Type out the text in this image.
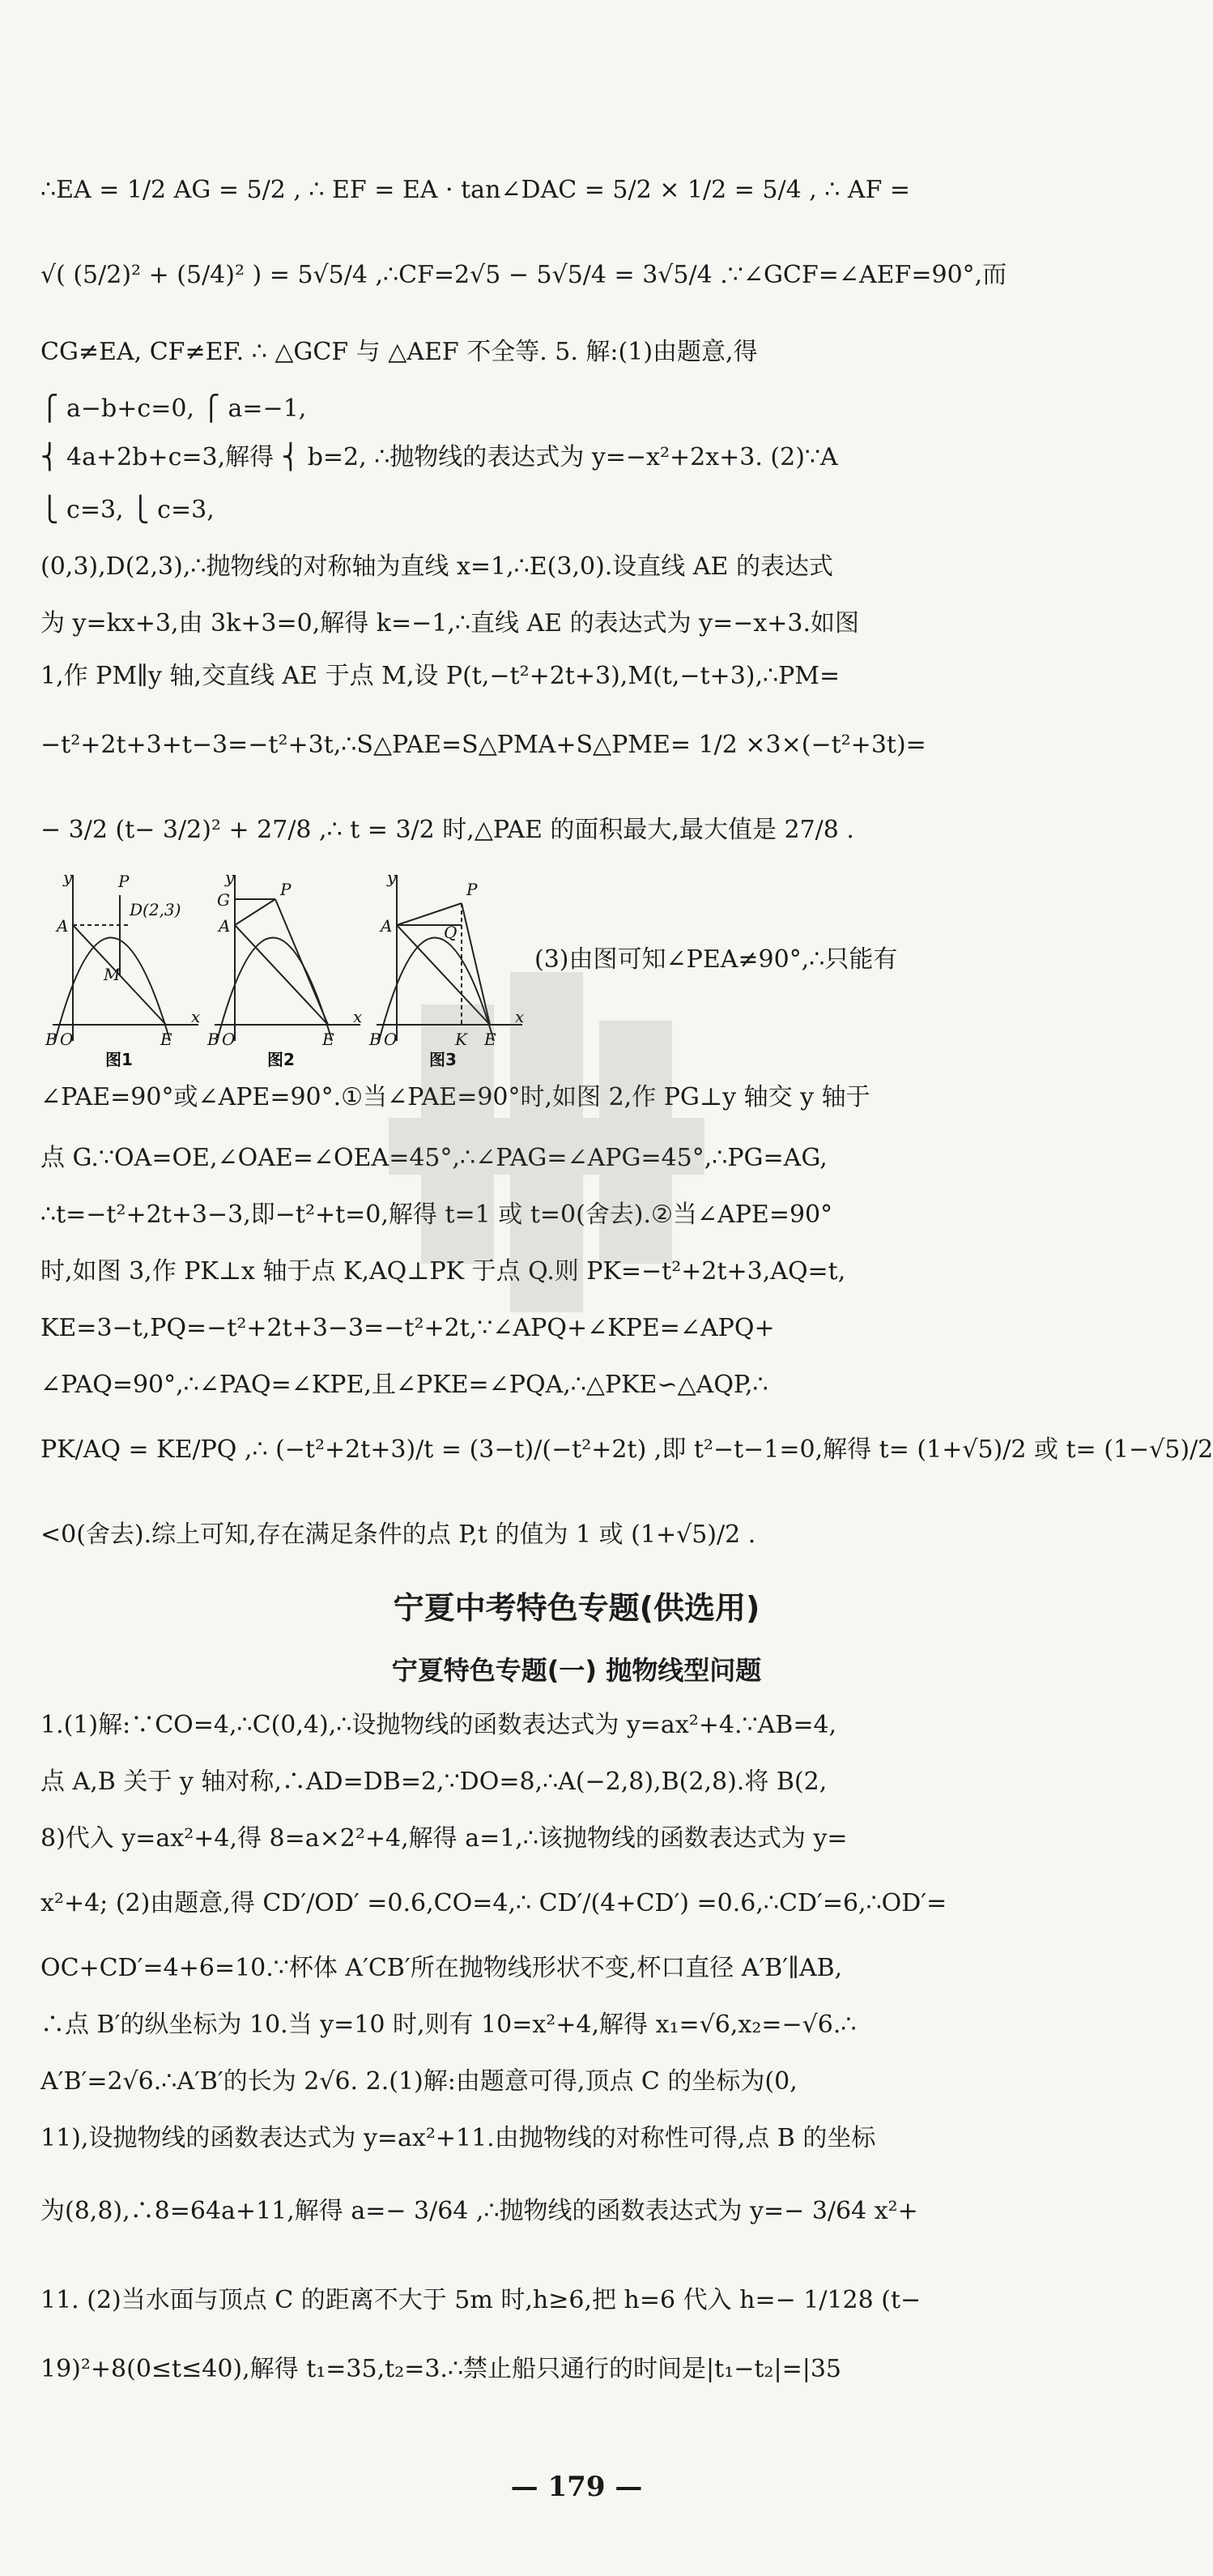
∴EA = 1/2 AG = 5/2 , ∴ EF = EA · tan∠DAC = 5/2 × 1/2 = 5/4 , ∴ AF =
√( (5/2)² + (5/4)² ) = 5√5/4 ,∴CF=2√5 − 5√5/4 = 3√5/4 .∵∠GCF=∠AEF=90°,而
CG≠EA, CF≠EF. ∴ △GCF 与 △AEF 不全等. 5. 解:(1)由题意,得
⎧ a−b+c=0, ⎧ a=−1,
⎨ 4a+2b+c=3,解得 ⎨ b=2, ∴抛物线的表达式为 y=−x²+2x+3. (2)∵A
⎩ c=3, ⎩ c=3,
(0,3),D(2,3),∴抛物线的对称轴为直线 x=1,∴E(3,0).设直线 AE 的表达式
为 y=kx+3,由 3k+3=0,解得 k=−1,∴直线 AE 的表达式为 y=−x+3.如图
1,作 PM∥y 轴,交直线 AE 于点 M,设 P(t,−t²+2t+3),M(t,−t+3),∴PM=
−t²+2t+3+t−3=−t²+3t,∴S△PAE=S△PMA+S△PME= 1/2 ×3×(−t²+3t)=
− 3/2 (t− 3/2)² + 27/8 ,∴ t = 3/2 时,△PAE 的面积最大,最大值是 27/8 .
y	P
D(2,3)
A
M
B O	E
x
y
G
P
A
B O	E
x
y
P
A	Q
B O	K E
x
图1	图2	图3
(3)由图可知∠PEA≠90°,∴只能有
∠PAE=90°或∠APE=90°.①当∠PAE=90°时,如图 2,作 PG⊥y 轴交 y 轴于
点 G.∵OA=OE,∠OAE=∠OEA=45°,∴∠PAG=∠APG=45°,∴PG=AG,
∴t=−t²+2t+3−3,即−t²+t=0,解得 t=1 或 t=0(舍去).②当∠APE=90°
时,如图 3,作 PK⊥x 轴于点 K,AQ⊥PK 于点 Q.则 PK=−t²+2t+3,AQ=t,
KE=3−t,PQ=−t²+2t+3−3=−t²+2t,∵∠APQ+∠KPE=∠APQ+
∠PAQ=90°,∴∠PAQ=∠KPE,且∠PKE=∠PQA,∴△PKE∽△AQP,∴
PK/AQ = KE/PQ ,∴ (−t²+2t+3)/t = (3−t)/(−t²+2t) ,即 t²−t−1=0,解得 t= (1+√5)/2 或 t= (1−√5)/2
<0(舍去).综上可知,存在满足条件的点 P,t 的值为 1 或 (1+√5)/2 .
宁夏中考特色专题(供选用)
宁夏特色专题(一) 抛物线型问题
1.(1)解:∵CO=4,∴C(0,4),∴设抛物线的函数表达式为 y=ax²+4.∵AB=4,
点 A,B 关于 y 轴对称,∴AD=DB=2,∵DO=8,∴A(−2,8),B(2,8).将 B(2,
8)代入 y=ax²+4,得 8=a×2²+4,解得 a=1,∴该抛物线的函数表达式为 y=
x²+4; (2)由题意,得 CD′/OD′ =0.6,CO=4,∴ CD′/(4+CD′) =0.6,∴CD′=6,∴OD′=
OC+CD′=4+6=10.∵杯体 A′CB′所在抛物线形状不变,杯口直径 A′B′∥AB,
∴点 B′的纵坐标为 10.当 y=10 时,则有 10=x²+4,解得 x₁=√6,x₂=−√6.∴
A′B′=2√6.∴A′B′的长为 2√6. 2.(1)解:由题意可得,顶点 C 的坐标为(0,
11),设抛物线的函数表达式为 y=ax²+11.由抛物线的对称性可得,点 B 的坐标
为(8,8),∴8=64a+11,解得 a=− 3/64 ,∴抛物线的函数表达式为 y=− 3/64 x²+
11. (2)当水面与顶点 C 的距离不大于 5m 时,h≥6,把 h=6 代入 h=− 1/128 (t−
19)²+8(0≤t≤40),解得 t₁=35,t₂=3.∴禁止船只通行的时间是|t₁−t₂|=|35
— 179 —
